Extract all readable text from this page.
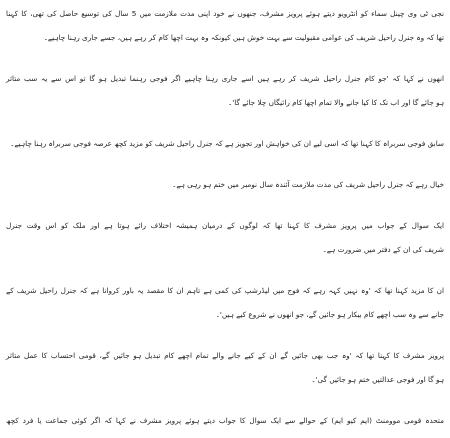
نجی ٹی وی چینل سماء کو انٹرویو دیتے ہوئے پرویز مشرف، جنھوں نے خود اپنی مدت ملازمت میں 5 سال کی توسیع حاصل کی تھی، کا کہنا
تھا کہ وہ جنرل راحیل شریف کی عوامی مقبولیت سے بہت خوش ہیں کیونکہ وہ بہت اچھا کام کر رہے ہیں، جسے جاری رہنا چاہیے۔

انھوں نے کہا کہ 'جو کام جنرل راحیل شریف کر رہے ہیں اسے جاری رہنا چاہیے اگر فوجی رہنما تبدیل ہو گا تو اس سے یہ سب متاثر
ہو جائے گا اور اب تک کا کیا جانے والا تمام اچھا کام رائیگاں چلا جائے گا'۔

سابق فوجی سربراہ کا کہنا تھا کہ اسی لیے ان کی خواہش اور تجویز ہے کہ جنرل راحیل شریف کو مزید کچھ عرصہ فوجی سربراہ رہنا چاہیے۔

خیال رہے کہ جنرل راحیل شریف کی مدت ملازمت آئندہ سال نومبر میں ختم ہو رہی ہے۔

ایک سوال کے جواب میں پرویز مشرف کا کہنا تھا کہ لوگوں کے درمیان ہمیشہ اختلاف رائے ہوتا ہے اور ملک کو اس وقت جنرل
شریف کی ان کے دفتر میں ضرورت ہے۔

ان کا مزید کہنا تھا کہ 'وہ نہیں کہہ رہے کہ فوج میں لیڈرشپ کی کمی ہے تاہم ان کا مقصد یہ باور کروانا ہے کہ جنرل راحیل شریف کے
جانے سے وہ سب اچھے کام بیکار ہو جائیں گے، جو انھوں نے شروع کیے ہیں'۔

پرویز مشرف کا کہنا تھا کہ 'وہ جب بھی جائیں گے ان کے کیے جانے والے تمام اچھے کام تبدیل ہو جائیں گے، قومی احتساب کا عمل متاثر
ہو گا اور فوجی عدالتیں ختم ہو جائیں گی'۔

متحدہ قومی موومنٹ (ایم کیو ایم) کے حوالے سے ایک سوال کا جواب دیتے ہوئے پرویز مشرف نے کہا کہ اگر کوئی جماعت یا فرد کچھ
